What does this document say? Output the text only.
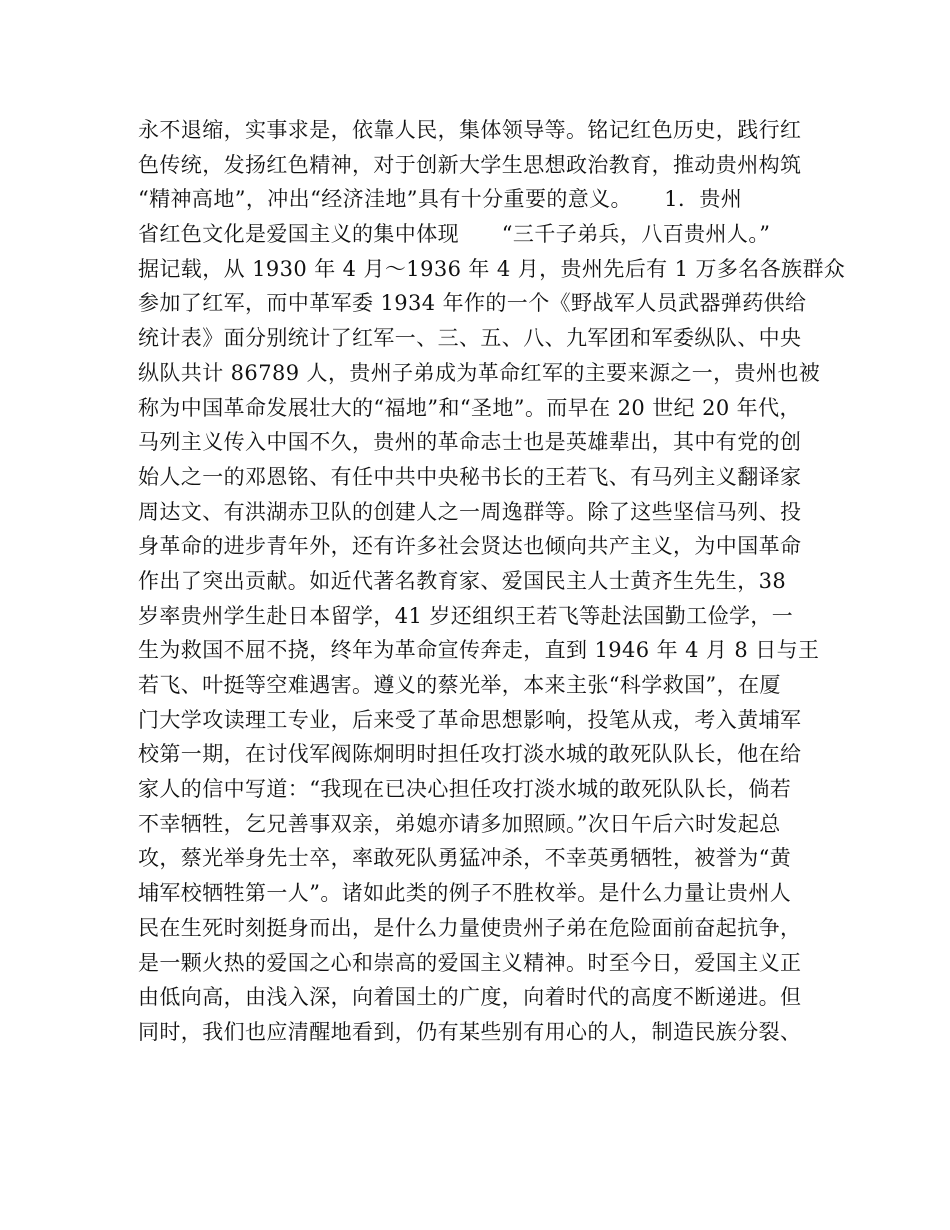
永不退缩，实事求是，依靠人民，集体领导等。铭记红色历史，践行红
色传统，发扬红色精神，对于创新大学生思想政治教育，推动贵州构筑
“精神高地”，冲出“经济洼地”具有十分重要的意义。　　1．贵州
省红色文化是爱国主义的集中体现　　“三千子弟兵，八百贵州人。”
据记载，从 1930 年 4 月～1936 年 4 月，贵州先后有 1 万多名各族群众
参加了红军，而中革军委 1934 年作的一个《野战军人员武器弹药供给
统计表》面分别统计了红军一、三、五、八、九军团和军委纵队、中央
纵队共计 86789 人，贵州子弟成为革命红军的主要来源之一，贵州也被
称为中国革命发展壮大的“福地”和“圣地”。而早在 20 世纪 20 年代，
马列主义传入中国不久，贵州的革命志士也是英雄辈出，其中有党的创
始人之一的邓恩铭、有任中共中央秘书长的王若飞、有马列主义翻译家
周达文、有洪湖赤卫队的创建人之一周逸群等。除了这些坚信马列、投
身革命的进步青年外，还有许多社会贤达也倾向共产主义，为中国革命
作出了突出贡献。如近代著名教育家、爱国民主人士黄齐生先生，38
岁率贵州学生赴日本留学，41 岁还组织王若飞等赴法国勤工俭学，一
生为救国不屈不挠，终年为革命宣传奔走，直到 1946 年 4 月 8 日与王
若飞、叶挺等空难遇害。遵义的蔡光举，本来主张“科学救国”，在厦
门大学攻读理工专业，后来受了革命思想影响，投笔从戎，考入黄埔军
校第一期，在讨伐军阀陈炯明时担任攻打淡水城的敢死队队长，他在给
家人的信中写道：“我现在已决心担任攻打淡水城的敢死队队长，倘若
不幸牺牲，乞兄善事双亲，弟媳亦请多加照顾。”次日午后六时发起总
攻，蔡光举身先士卒，率敢死队勇猛冲杀，不幸英勇牺牲，被誉为“黄
埔军校牺牲第一人”。诸如此类的例子不胜枚举。是什么力量让贵州人
民在生死时刻挺身而出，是什么力量使贵州子弟在危险面前奋起抗争，
是一颗火热的爱国之心和崇高的爱国主义精神。时至今日，爱国主义正
由低向高，由浅入深，向着国土的广度，向着时代的高度不断递进。但
同时，我们也应清醒地看到，仍有某些别有用心的人，制造民族分裂、
